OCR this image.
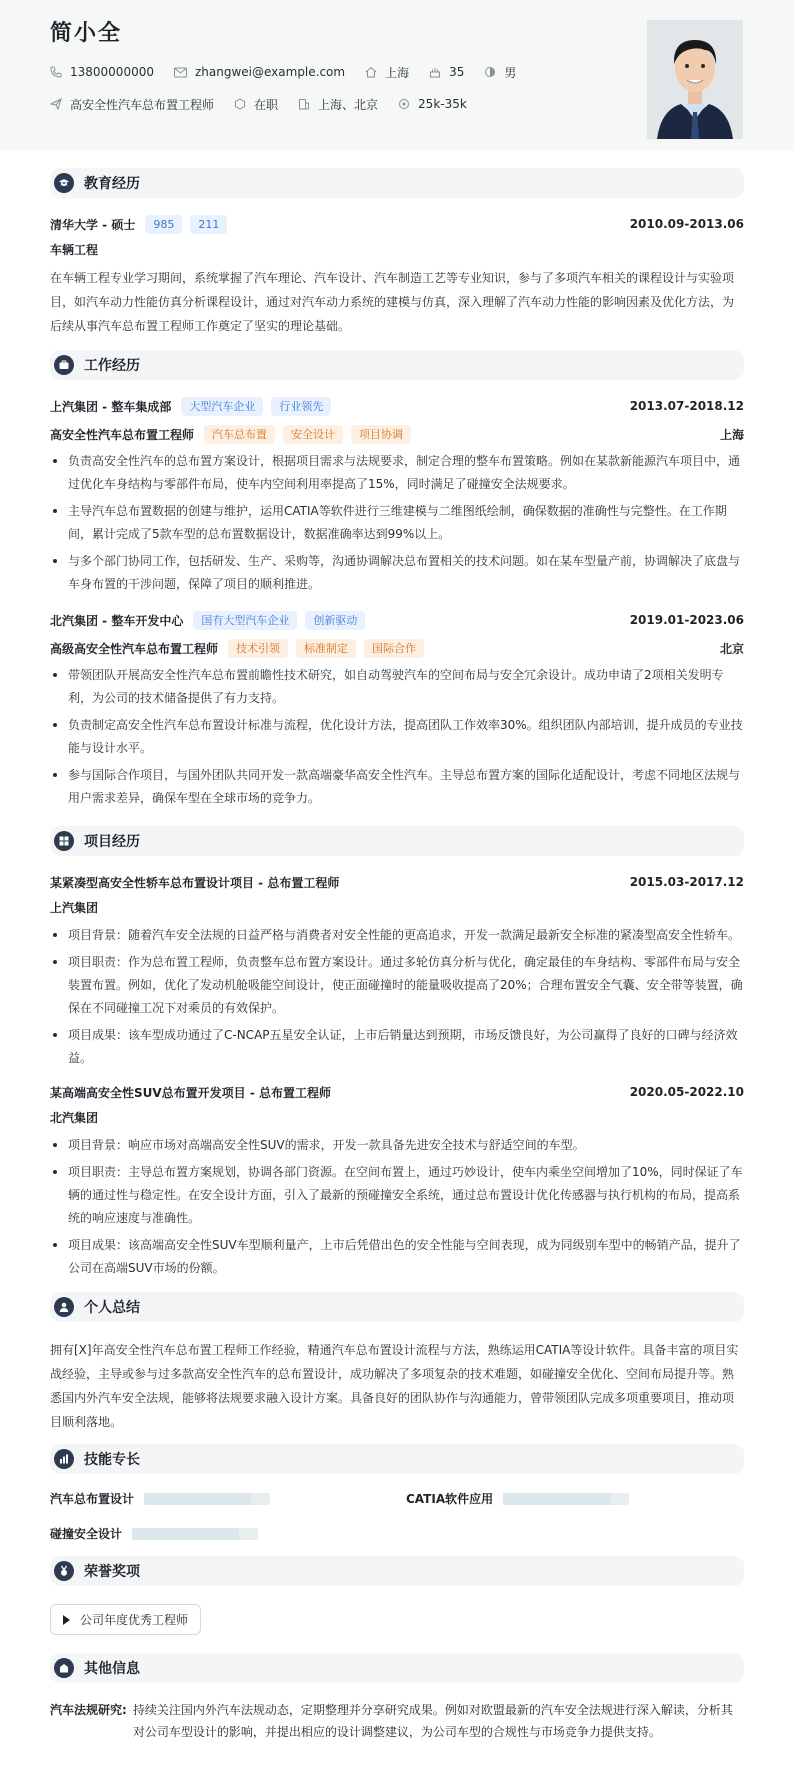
简小全
13800000000	zhangwei@example.com	上海	35	男
高安全性汽车总布置工程师	在职	上海、北京	25k-35k
教育经历
清华大学 - 硕士	985	211	2010.09-2013.06
车辆工程

在车辆工程专业学习期间，系统掌握了汽车理论、汽车设计、汽车制造工艺等专业知识，参与了多项汽车相关的课程设计与实验项目，如汽车动力性能仿真分析课程设计，通过对汽车动力系统的建模与仿真，深入理解了汽车动力性能的影响因素及优化方法，为后续从事汽车总布置工程师工作奠定了坚实的理论基础。

工作经历
上汽集团 - 整车集成部	大型汽车企业	行业领先	2013.07-2018.12
高安全性汽车总布置工程师	汽车总布置	安全设计	项目协调	上海
负责高安全性汽车的总布置方案设计，根据项目需求与法规要求，制定合理的整车布置策略。例如在某款新能源汽车项目中，通过优化车身结构与零部件布局，使车内空间利用率提高了15%，同时满足了碰撞安全法规要求。
主导汽车总布置数据的创建与维护，运用CATIA等软件进行三维建模与二维图纸绘制，确保数据的准确性与完整性。在工作期间，累计完成了5款车型的总布置数据设计，数据准确率达到99%以上。
与多个部门协同工作，包括研发、生产、采购等，沟通协调解决总布置相关的技术问题。如在某车型量产前，协调解决了底盘与车身布置的干涉问题，保障了项目的顺利推进。
北汽集团 - 整车开发中心	国有大型汽车企业	创新驱动	2019.01-2023.06
高级高安全性汽车总布置工程师	技术引领	标准制定	国际合作	北京
带领团队开展高安全性汽车总布置前瞻性技术研究，如自动驾驶汽车的空间布局与安全冗余设计。成功申请了2项相关发明专利，为公司的技术储备提供了有力支持。
负责制定高安全性汽车总布置设计标准与流程，优化设计方法，提高团队工作效率30%。组织团队内部培训，提升成员的专业技能与设计水平。
参与国际合作项目，与国外团队共同开发一款高端豪华高安全性汽车。主导总布置方案的国际化适配设计，考虑不同地区法规与用户需求差异，确保车型在全球市场的竞争力。
项目经历
某紧凑型高安全性轿车总布置设计项目 - 总布置工程师	2015.03-2017.12
上汽集团
项目背景：随着汽车安全法规的日益严格与消费者对安全性能的更高追求，开发一款满足最新安全标准的紧凑型高安全性轿车。
项目职责：作为总布置工程师，负责整车总布置方案设计。通过多轮仿真分析与优化，确定最佳的车身结构、零部件布局与安全装置布置。例如，优化了发动机舱吸能空间设计，使正面碰撞时的能量吸收提高了20%；合理布置安全气囊、安全带等装置，确保在不同碰撞工况下对乘员的有效保护。
项目成果：该车型成功通过了C-NCAP五星安全认证，上市后销量达到预期，市场反馈良好，为公司赢得了良好的口碑与经济效益。
某高端高安全性SUV总布置开发项目 - 总布置工程师	2020.05-2022.10
北汽集团
项目背景：响应市场对高端高安全性SUV的需求，开发一款具备先进安全技术与舒适空间的车型。
项目职责：主导总布置方案规划，协调各部门资源。在空间布置上，通过巧妙设计，使车内乘坐空间增加了10%，同时保证了车辆的通过性与稳定性。在安全设计方面，引入了最新的预碰撞安全系统，通过总布置设计优化传感器与执行机构的布局，提高系统的响应速度与准确性。
项目成果：该高端高安全性SUV车型顺利量产，上市后凭借出色的安全性能与空间表现，成为同级别车型中的畅销产品，提升了公司在高端SUV市场的份额。
个人总结

拥有[X]年高安全性汽车总布置工程师工作经验，精通汽车总布置设计流程与方法，熟练运用CATIA等设计软件。具备丰富的项目实战经验，主导或参与过多款高安全性汽车的总布置设计，成功解决了多项复杂的技术难题，如碰撞安全优化、空间布局提升等。熟悉国内外汽车安全法规，能够将法规要求融入设计方案。具备良好的团队协作与沟通能力，曾带领团队完成多项重要项目，推动项目顺利落地。

技能专长
汽车总布置设计	CATIA软件应用
碰撞安全设计
荣誉奖项
公司年度优秀工程师
其他信息
汽车法规研究: 持续关注国内外汽车法规动态，定期整理并分享研究成果。例如对欧盟最新的汽车安全法规进行深入解读，分析其对公司车型设计的影响，并提出相应的设计调整建议，为公司车型的合规性与市场竞争力提供支持。
